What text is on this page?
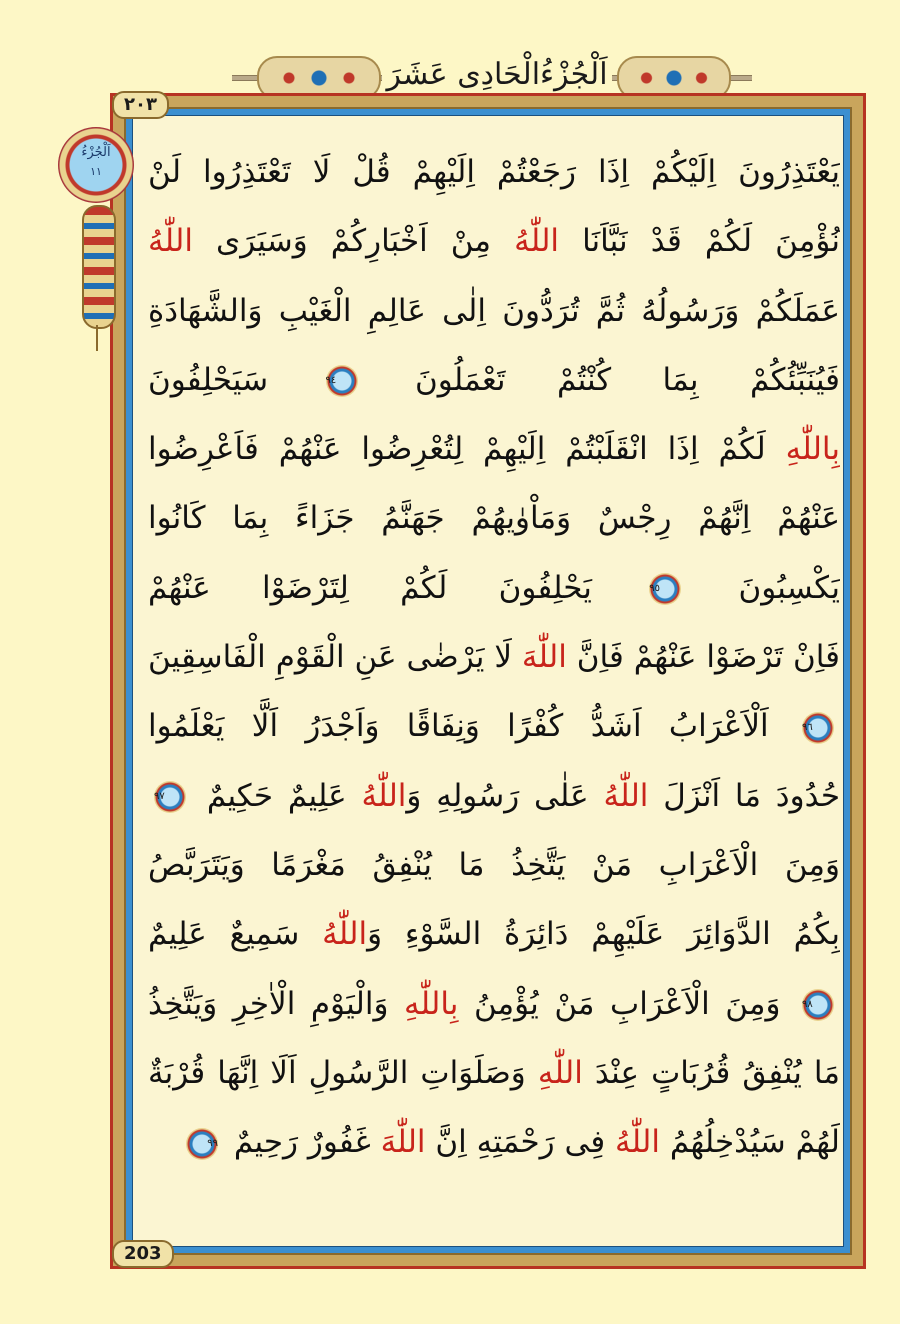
اَلْجُزْءُالْحَادِى عَشَرَ
٢٠٣
203
اَلْجُزْءُ
١١	يَعْتَذِرُونَ اِلَيْكُمْ اِذَا رَجَعْتُمْ اِلَيْهِمْ قُلْ لَا تَعْتَذِرُوا لَنْ
نُؤْمِنَ لَكُمْ قَدْ نَبَّاَنَا اللّٰهُ مِنْ اَخْبَارِكُمْ وَسَيَرَى اللّٰهُ
عَمَلَكُمْ وَرَسُولُهُ ثُمَّ تُرَدُّونَ اِلٰى عَالِمِ الْغَيْبِ وَالشَّهَادَةِ
فَيُنَبِّئُكُمْ بِمَا كُنْتُمْ تَعْمَلُونَ ٩٤ سَيَحْلِفُونَ
بِاللّٰهِ لَكُمْ اِذَا انْقَلَبْتُمْ اِلَيْهِمْ لِتُعْرِضُوا عَنْهُمْ فَاَعْرِضُوا
عَنْهُمْ اِنَّهُمْ رِجْسٌ وَمَاْوٰيهُمْ جَهَنَّمُ جَزَاءً بِمَا كَانُوا
يَكْسِبُونَ ٩٥ يَحْلِفُونَ لَكُمْ لِتَرْضَوْا عَنْهُمْ
فَاِنْ تَرْضَوْا عَنْهُمْ فَاِنَّ اللّٰهَ لَا يَرْضٰى عَنِ الْقَوْمِ الْفَاسِقِينَ
٩٦ اَلْاَعْرَابُ اَشَدُّ كُفْرًا وَنِفَاقًا وَاَجْدَرُ اَلَّا يَعْلَمُوا
حُدُودَ مَا اَنْزَلَ اللّٰهُ عَلٰى رَسُولِهِ وَاللّٰهُ عَلِيمٌ حَكِيمٌ ٩٧
وَمِنَ الْاَعْرَابِ مَنْ يَتَّخِذُ مَا يُنْفِقُ مَغْرَمًا وَيَتَرَبَّصُ
بِكُمُ الدَّوَائِرَ عَلَيْهِمْ دَائِرَةُ السَّوْءِ وَاللّٰهُ سَمِيعٌ عَلِيمٌ
٩٨ وَمِنَ الْاَعْرَابِ مَنْ يُؤْمِنُ بِاللّٰهِ وَالْيَوْمِ الْاٰخِرِ وَيَتَّخِذُ
مَا يُنْفِقُ قُرُبَاتٍ عِنْدَ اللّٰهِ وَصَلَوَاتِ الرَّسُولِ اَلَا اِنَّهَا قُرْبَةٌ
لَهُمْ سَيُدْخِلُهُمُ اللّٰهُ فِى رَحْمَتِهِ اِنَّ اللّٰهَ غَفُورٌ رَحِيمٌ ٩٩
